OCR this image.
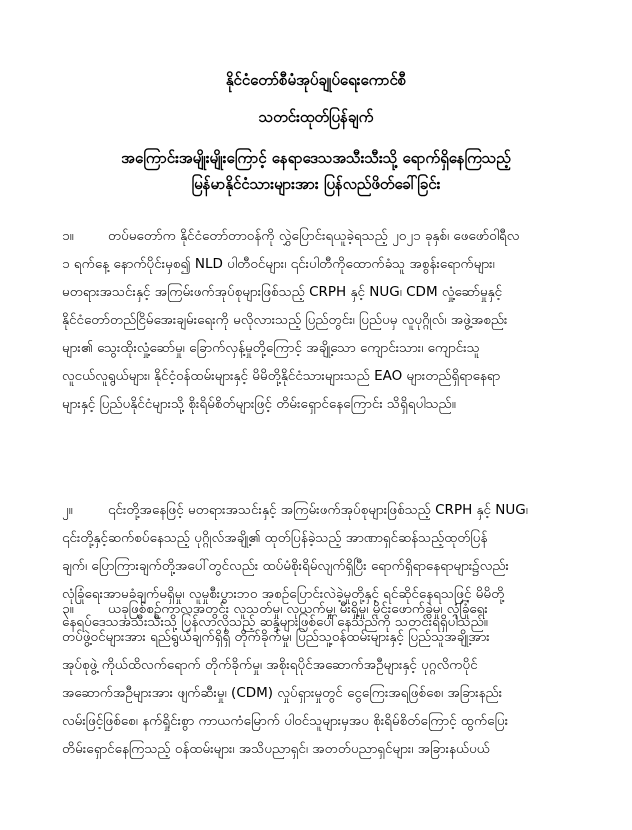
နိုင်ငံတော်စီမံအုပ်ချုပ်ရေးကောင်စီ
သတင်းထုတ်ပြန်ချက်
အကြောင်းအမျိုးမျိုးကြောင့် နေရာဒေသအသီးသီးသို့ ရောက်ရှိနေကြသည့်
မြန်မာနိုင်ငံသားများအား ပြန်လည်ဖိတ်ခေါ်ခြင်း
၁။	တပ်မတော်က နိုင်ငံတော်တာဝန်ကို လွှဲပြောင်းရယူခဲ့ရသည့် ၂၀၂၁ ခုနှစ်၊ ဖေဖော်ဝါရီလ
၁ ရက်နေ့ နောက်ပိုင်းမှစ၍ NLD ပါတီဝင်များ၊ ၎င်းပါတီကိုထောက်ခံသူ အစွန်းရောက်များ၊
မတရားအသင်းနှင့် အကြမ်းဖက်အုပ်စုများဖြစ်သည့် CRPH နှင့် NUG၊ CDM လှုံ့ဆော်မှုနှင့်
နိုင်ငံတော်တည်ငြိမ်အေးချမ်းရေးကို မလိုလားသည့် ပြည်တွင်း၊ ပြည်ပမှ လူပုဂ္ဂိုလ်၊ အဖွဲ့အစည်း
များ၏ သွေးထိုးလှုံ့ဆော်မှု၊ ခြောက်လှန့်မှုတို့ကြောင့် အချို့သော ကျောင်းသား၊ ကျောင်းသူ
လူငယ်လူရွယ်များ၊ နိုင်ငံ့ဝန်ထမ်းများနှင့် မိမိတို့နိုင်ငံသားများသည် EAO များတည်ရှိရာနေရာ
များနှင့် ပြည်ပနိုင်ငံများသို့ စိုးရိမ်စိတ်များဖြင့် တိမ်းရှောင်နေကြောင်း သိရှိရပါသည်။
၂။	၎င်းတို့အနေဖြင့် မတရားအသင်းနှင့် အကြမ်းဖက်အုပ်စုများဖြစ်သည့် CRPH နှင့် NUG၊
၎င်းတို့နှင့်ဆက်စပ်နေသည့် ပုဂ္ဂိုလ်အချို့၏ ထုတ်ပြန်ခဲ့သည့် အာဏာရှင်ဆန်သည့်ထုတ်ပြန်
ချက်၊ ပြောကြားချက်တို့အပေါ်တွင်လည်း ထပ်မံစိုးရိမ်လျက်ရှိပြီး ရောက်ရှိရာနေရာများ၌လည်း
လုံခြုံရေးအာမခံချက်မရှိမှု၊ လူမှုစီးပွားဘဝ အစဉ်ပြောင်းလဲခဲ့မှုတို့နှင့် ရင်ဆိုင်နေရသဖြင့် မိမိတို့
နေရပ်ဒေသအသီးသီးသို့ ပြန်လာလိုသည့် ဆန္ဒများဖြစ်ပေါ်နေသည်ကို သတင်းရရှိပါသည်။
၃။	ယခုဖြစ်စဉ်ကာလအတွင်း လူသတ်မှု၊ လုယက်မှု၊ မီးရှို့မှု၊ မိုင်းဖောက်ခွဲမှု၊ လုံခြုံရေး
တပ်ဖွဲ့ဝင်များအား ရည်ရွယ်ချက်ရှိရှိ တိုက်ခိုက်မှု၊ ပြည်သူ့ဝန်ထမ်းများနှင့် ပြည်သူအချို့အား
အုပ်စုဖွဲ့ ကိုယ်ထိလက်ရောက် တိုက်ခိုက်မှု၊ အစိုးရပိုင်အဆောက်အဦများနှင့် ပုဂ္ဂလိကပိုင်
အဆောက်အဦများအား ဖျက်ဆီးမှု၊ (CDM) လှုပ်ရှားမှုတွင် ငွေကြေးအရဖြစ်စေ၊ အခြားနည်း
လမ်းဖြင့်ဖြစ်စေ၊ နက်ရှိုင်းစွာ ကာယကံမြောက် ပါဝင်သူများမှအပ စိုးရိမ်စိတ်ကြောင့် ထွက်ပြေး
တိမ်းရှောင်နေကြသည့် ဝန်ထမ်းများ၊ အသိပညာရှင်၊ အတတ်ပညာရှင်များ၊ အခြားနယ်ပယ်
